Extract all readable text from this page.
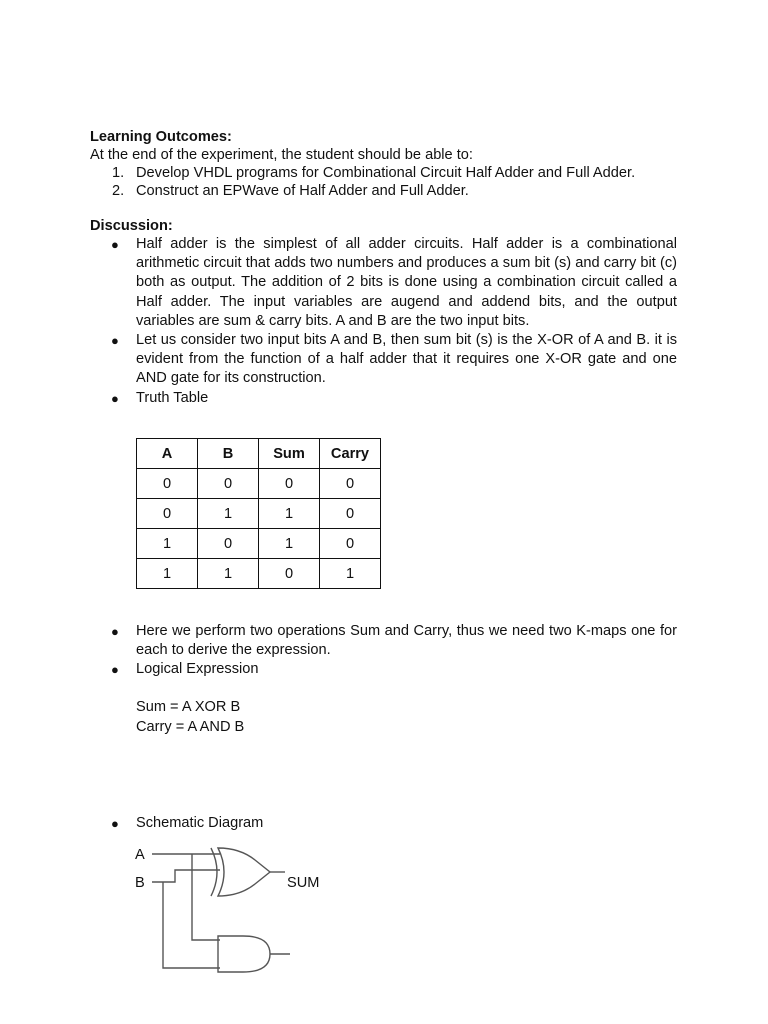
Learning Outcomes:
At the end of the experiment, the student should be able to:
1. Develop VHDL programs for Combinational Circuit Half Adder and Full Adder.
2. Construct an EPWave of Half Adder and Full Adder.
Discussion:
● Half adder is the simplest of all adder circuits. Half adder is a combinational arithmetic circuit that adds two numbers and produces a sum bit (s) and carry bit (c) both as output. The addition of 2 bits is done using a combination circuit called a Half adder. The input variables are augend and addend bits, and the output variables are sum & carry bits. A and B are the two input bits.
● Let us consider two input bits A and B, then sum bit (s) is the X-OR of A and B. it is evident from the function of a half adder that it requires one X-OR gate and one AND gate for its construction.
● Truth Table
A	B	Sum	Carry
0	0	0	0
0	1	1	0
1	0	1	0
1	1	0	1
● Here we perform two operations Sum and Carry, thus we need two K-maps one for each to derive the expression.
● Logical Expression
Sum = A XOR B
Carry = A AND B
● Schematic Diagram
A
B	SUM
